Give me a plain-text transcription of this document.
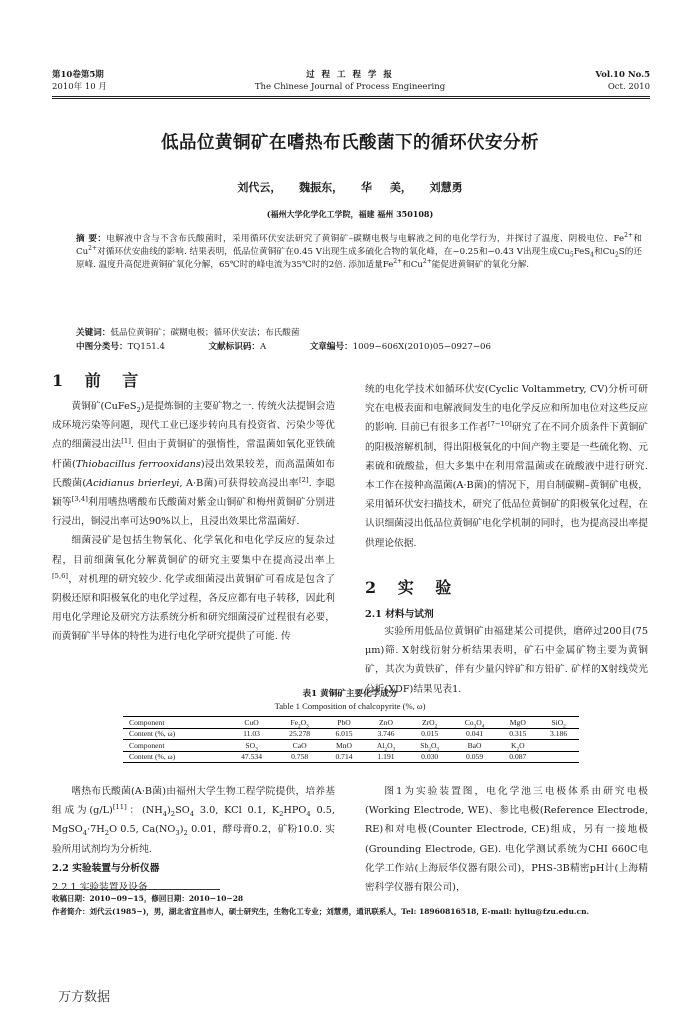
第10卷第5期
2010年 10 月
过 程 工 程 学 报
The Chinese Journal of Process Engineering
Vol.10 No.5
Oct. 2010
低品位黄铜矿在嗜热布氏酸菌下的循环伏安分析
刘代云， 魏振东， 华 美， 刘慧勇
(福州大学化学化工学院，福建 福州 350108)
摘 要：电解液中含与不含布氏酸菌时，采用循环伏安法研究了黄铜矿–碳糊电极与电解液之间的电化学行为，并探讨了温度、阴极电位、$Fe^{2+}$和$Cu^{2+}$对循环伏安曲线的影响. 结果表明，低品位黄铜矿在0.45 V出现生成多硫化合物的氧化峰，在−0.25和−0.43 V出现生成$Cu_5FeS_4$和$Cu_2S$的还原峰. 温度升高促进黄铜矿氧化分解，65℃时的峰电流为35℃时的2倍. 添加适量$Fe^{2+}$和$Cu^{2+}$能促进黄铜矿的氧化分解.
关键词：低品位黄铜矿；碳糊电极；循环伏安法；布氏酸菌
中图分类号：TQ151.4	文献标识码：A	文章编号：1009−606X(2010)05−0927−06
1 前 言

黄铜矿(CuFeS$_2$)是提炼铜的主要矿物之一. 传统火法提铜会造成环境污染等问题，现代工业已逐步转向具有投资省、污染少等优点的细菌浸出法[1]. 但由于黄铜矿的强惰性，常温菌如氧化亚铁硫杆菌(Thiobacillus ferrooxidans)浸出效果较差，而高温菌如布氏酸菌(Acidianus brierleyi, A·B菌)可获得较高浸出率[2]. 李聪颖等[3,4]利用嗜热嗜酸布氏酸菌对紫金山铜矿和梅州黄铜矿分别进行浸出，铜浸出率可达90%以上，且浸出效果比常温菌好.

细菌浸矿是包括生物氧化、化学氧化和电化学反应的复杂过程，目前细菌氧化分解黄铜矿的研究主要集中在提高浸出率上[5,6]，对机理的研究较少. 化学或细菌浸出黄铜矿可看成是包含了阴极还原和阳极氧化的电化学过程，各反应都有电子转移，因此利用电化学理论及研究方法系统分析和研究细菌浸矿过程很有必要，而黄铜矿半导体的特性为进行电化学研究提供了可能. 传

统的电化学技术如循环伏安(Cyclic Voltammetry, CV)分析可研究在电极表面和电解液间发生的电化学反应和所加电位对这些反应的影响. 目前已有很多工作者[7−10]研究了在不同介质条件下黄铜矿的阳极溶解机制，得出阳极氧化的中间产物主要是一些硫化物、元素硫和硫酸盐，但大多集中在利用常温菌或在硫酸液中进行研究. 本工作在接种高温菌(A·B菌)的情况下，用自制碳糊–黄铜矿电极，采用循环伏安扫描技术，研究了低品位黄铜矿的阳极氧化过程，在认识细菌浸出低品位黄铜矿电化学机制的同时，也为提高浸出率提供理论依据.

2 实 验
2.1 材料与试剂

实验所用低品位黄铜矿由福建某公司提供，磨碎过200目(75 μm)筛. X射线衍射分析结果表明，矿石中金属矿物主要为黄铜矿，其次为黄铁矿，伴有少量闪锌矿和方铅矿. 矿样的X射线荧光分析(XDF)结果见表1.

表1 黄铜矿主要化学成分
Table 1 Composition of chalcopyrite (%, ω)
Component	CuO	$Fe_2O_3$	PbO	ZnO	ZrO$_2$	$Co_3O_4$	MgO	SiO$_2$
Content (%, ω)	11.03	25.278	6.015	3.746	0.015	0.041	0.315	3.186
Component	$SO_3$	CaO	MnO	$Al_2O_3$	$Sb_2O_3$	BaO	$K_2O$	
Content (%, ω)	47.534	0.758	0.714	1.191	0.030	0.059	0.087	

嗜热布氏酸菌(A·B菌)由福州大学生物工程学院提供，培养基组成为(g/L)[11]：$(NH_4)_2SO_4$ 3.0, KCl 0.1, $K_2HPO_4$ 0.5, $MgSO_4\cdot 7H_2O$ 0.5, $Ca(NO_3)_2$ 0.01，酵母膏0.2，矿粉10.0. 实验所用试剂均为分析纯.

2.2 实验装置与分析仪器
2.2.1 实验装置及设备

图1为实验装置图，电化学池三电极体系由研究电极(Working Electrode, WE)、参比电极(Reference Electrode, RE)和对电极(Counter Electrode, CE)组成，另有一接地极(Grounding Electrode, GE). 电化学测试系统为CHI 660C电化学工作站(上海辰华仪器有限公司)，PHS-3B精密pH计(上海精密科学仪器有限公司)，

收稿日期：2010−09−15，修回日期：2010−10−28
作者简介：刘代云(1985−)，男，湖北省宜昌市人，硕士研究生，生物化工专业；刘慧勇，通讯联系人，Tel: 18960816518, E-mail: hyliu@fzu.edu.cn.
万方数据
